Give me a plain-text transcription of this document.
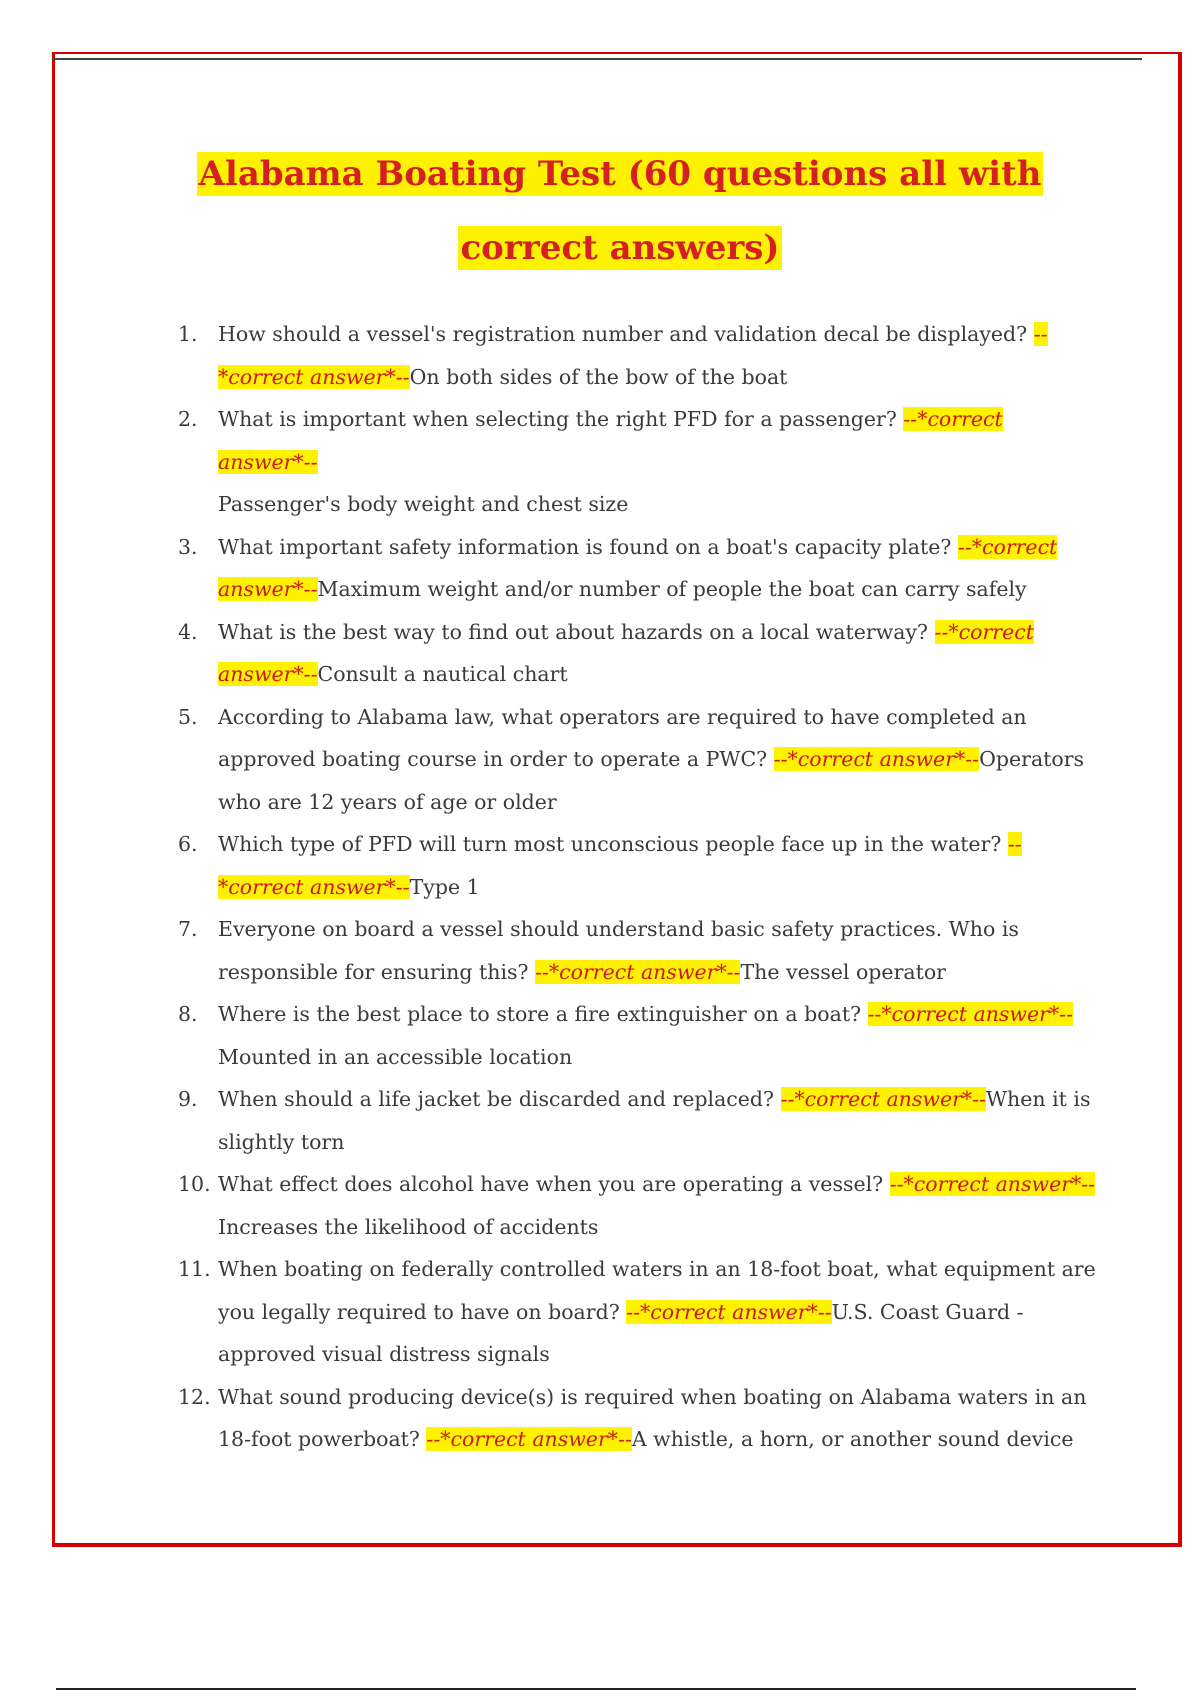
Alabama Boating Test (60 questions all with correct answers)
1. How should a vessel's registration number and validation decal be displayed? --*correct answer*--On both sides of the bow of the boat
2. What is important when selecting the right PFD for a passenger? --*correct answer*--
Passenger's body weight and chest size
3. What important safety information is found on a boat's capacity plate? --*correct answer*--Maximum weight and/or number of people the boat can carry safely
4. What is the best way to find out about hazards on a local waterway? --*correct answer*--Consult a nautical chart
5. According to Alabama law, what operators are required to have completed an approved boating course in order to operate a PWC? --*correct answer*--Operators who are 12 years of age or older
6. Which type of PFD will turn most unconscious people face up in the water? --*correct answer*--Type 1
7. Everyone on board a vessel should understand basic safety practices. Who is responsible for ensuring this? --*correct answer*--The vessel operator
8. Where is the best place to store a fire extinguisher on a boat? --*correct answer*--
Mounted in an accessible location
9. When should a life jacket be discarded and replaced? --*correct answer*--When it is slightly torn
10. What effect does alcohol have when you are operating a vessel? --*correct answer*--
Increases the likelihood of accidents
11. When boating on federally controlled waters in an 18-foot boat, what equipment are you legally required to have on board? --*correct answer*--U.S. Coast Guard - approved visual distress signals
12. What sound producing device(s) is required when boating on Alabama waters in an 18-foot powerboat? --*correct answer*--A whistle, a horn, or another sound device
